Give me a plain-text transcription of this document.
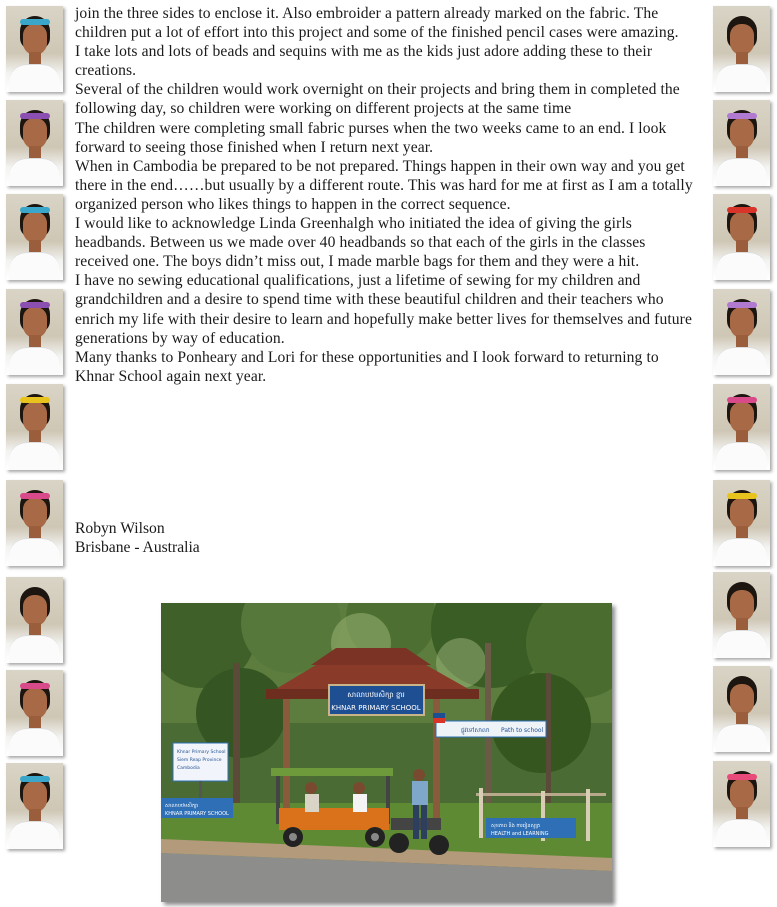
join the three sides to enclose it. Also embroider a pattern already marked on the fabric. The children put a lot of effort into this project and some of the finished pencil cases were amazing.

I take lots and lots of beads and sequins with me as the kids just adore adding these to their creations.

Several of the children would work overnight on their projects and bring them in completed the following day, so children were working on different projects at the same time

The children were completing small fabric purses when the two weeks came to an end. I look forward to seeing those finished when I return next year.

When in Cambodia be prepared to be not prepared. Things happen in their own way and you get there in the end……but usually by a different route. This was hard for me at first as I am a totally organized person who likes things to happen in the correct sequence.

I would like to acknowledge Linda Greenhalgh who initiated the idea of giving the girls headbands. Between us we made over 40 headbands so that each of the girls in the classes received one. The boys didn’t miss out, I made marble bags for them and they were a hit.

I have no sewing educational qualifications, just a lifetime of sewing for my children and grandchildren and a desire to spend time with these beautiful children and their teachers who enrich my life with their desire to learn and hopefully make better lives for themselves and future generations by way of education.

Many thanks to Ponheary and Lori for these opportunities and I look forward to returning to Khnar School again next year.

Robyn Wilson
Brisbane - Australia
សាលាបឋមសិក្សា ខ្នារ
KHNAR PRIMARY SCHOOL
ផ្លូវទៅសាលា Path to school
Khnar Primary School
Siem Reap Province
Cambodia
សាលាបឋមសិក្សា
KHNAR PRIMARY SCHOOL
សុខភាព និង ការរៀនសូត្រ
HEALTH and LEARNING
